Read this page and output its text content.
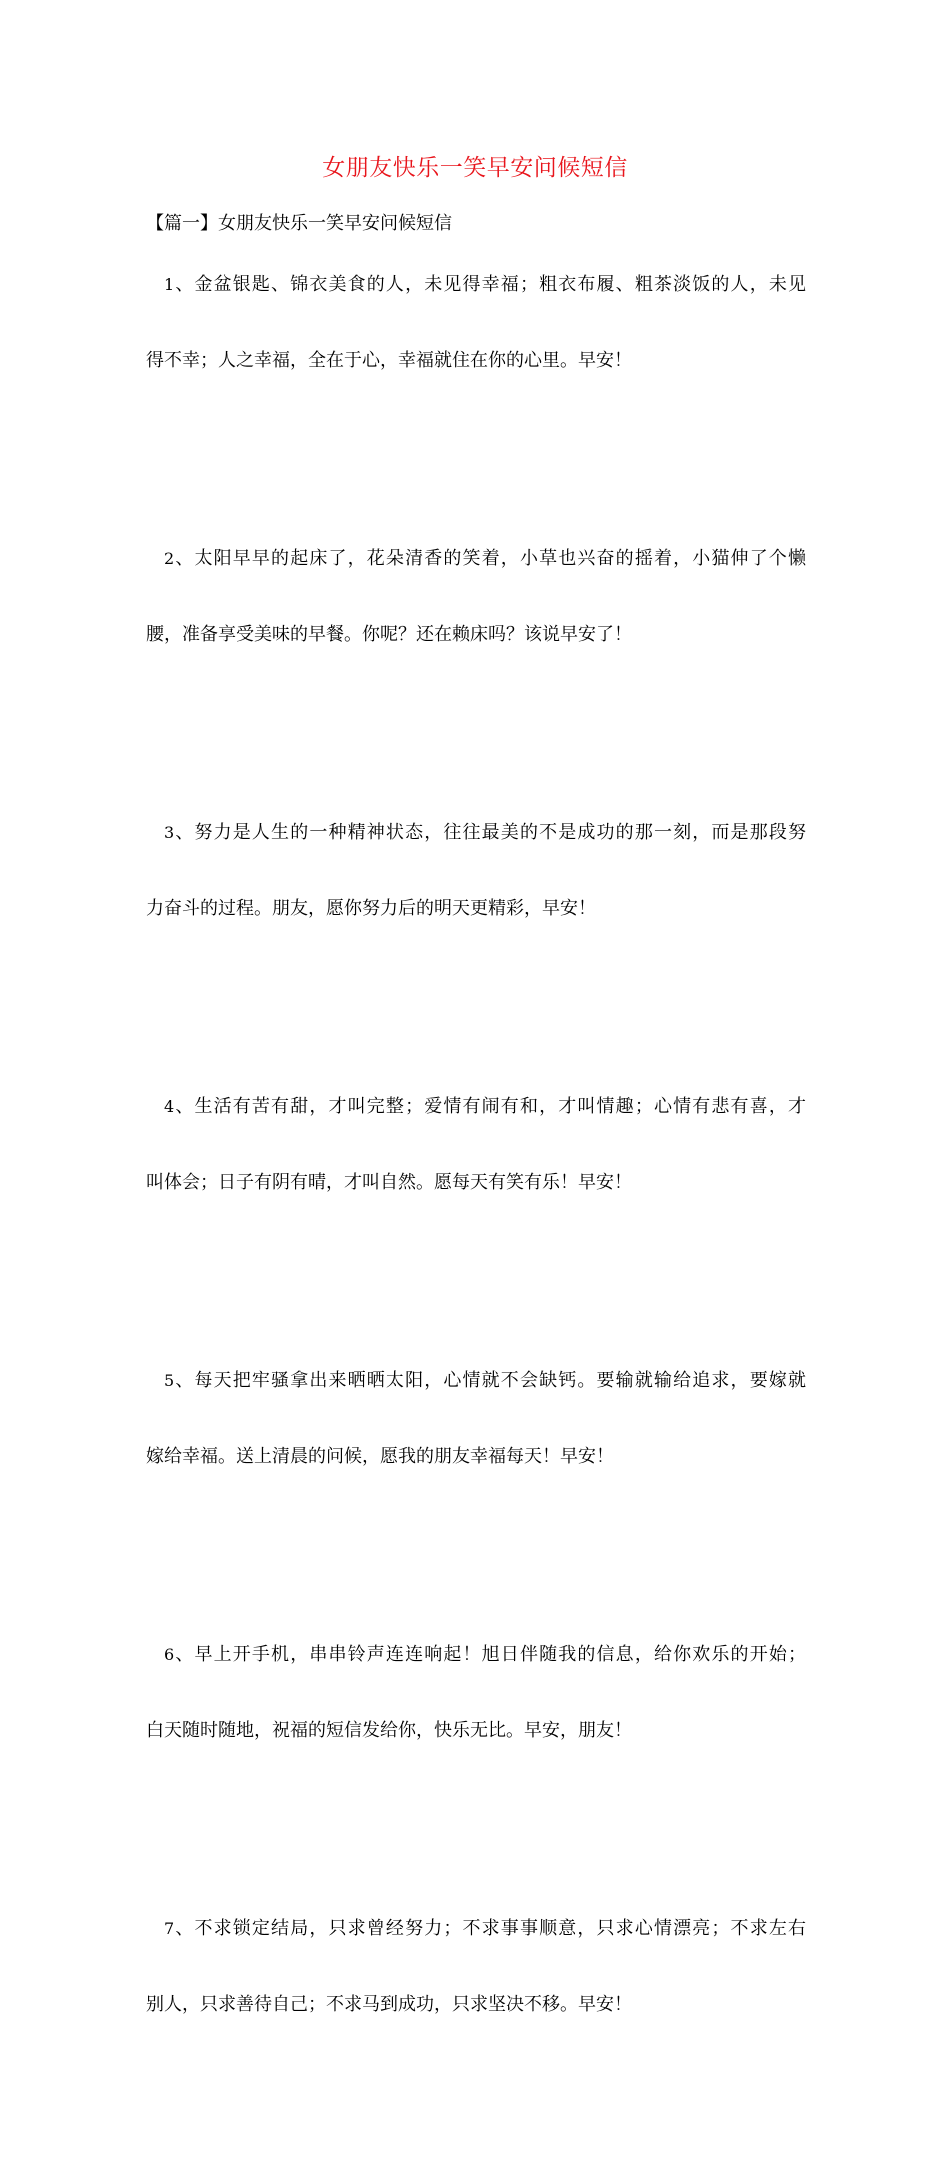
女朋友快乐一笑早安问候短信
【篇一】女朋友快乐一笑早安问候短信
1、金盆银匙、锦衣美食的人，未见得幸福；粗衣布履、粗茶淡饭的人，未见
得不幸；人之幸福，全在于心，幸福就住在你的心里。早安！
2、太阳早早的起床了，花朵清香的笑着，小草也兴奋的摇着，小猫伸了个懒
腰，准备享受美味的早餐。你呢？还在赖床吗？该说早安了！
3、努力是人生的一种精神状态，往往最美的不是成功的那一刻，而是那段努
力奋斗的过程。朋友，愿你努力后的明天更精彩，早安！
4、生活有苦有甜，才叫完整；爱情有闹有和，才叫情趣；心情有悲有喜，才
叫体会；日子有阴有晴，才叫自然。愿每天有笑有乐！早安！
5、每天把牢骚拿出来晒晒太阳，心情就不会缺钙。要输就输给追求，要嫁就
嫁给幸福。送上清晨的问候，愿我的朋友幸福每天！早安！
6、早上开手机，串串铃声连连响起！旭日伴随我的信息，给你欢乐的开始；
白天随时随地，祝福的短信发给你，快乐无比。早安，朋友！
7、不求锁定结局，只求曾经努力；不求事事顺意，只求心情漂亮；不求左右
别人，只求善待自己；不求马到成功，只求坚决不移。早安！
